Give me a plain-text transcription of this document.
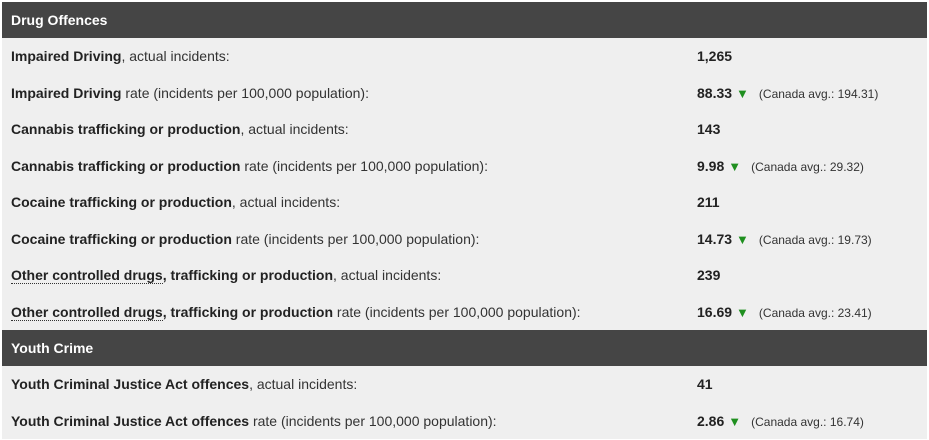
Drug Offences
Impaired Driving, actual incidents:	1,265
Impaired Driving rate (incidents per 100,000 population):	88.33 ▼ (Canada avg.: 194.31)
Cannabis trafficking or production, actual incidents:	143
Cannabis trafficking or production rate (incidents per 100,000 population):	9.98 ▼ (Canada avg.: 29.32)
Cocaine trafficking or production, actual incidents:	211
Cocaine trafficking or production rate (incidents per 100,000 population):	14.73 ▼ (Canada avg.: 19.73)
Other controlled drugs, trafficking or production, actual incidents:	239
Other controlled drugs, trafficking or production rate (incidents per 100,000 population):	16.69 ▼ (Canada avg.: 23.41)
Youth Crime
Youth Criminal Justice Act offences, actual incidents:	41
Youth Criminal Justice Act offences rate (incidents per 100,000 population):	2.86 ▼ (Canada avg.: 16.74)
